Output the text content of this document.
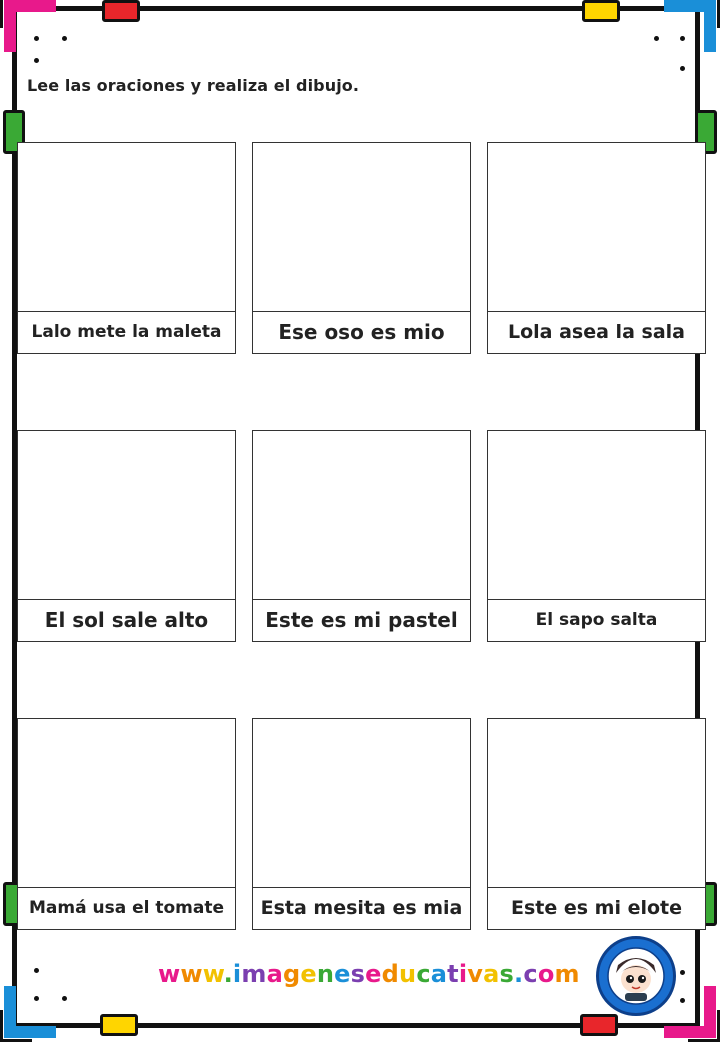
Lee las oraciones y realiza el dibujo.
Lalo mete la maleta	Ese oso es mio	Lola asea la sala
El sol sale alto	Este es mi pastel	El sapo salta
Mamá usa el tomate	Esta mesita es mia	Este es mi elote
www.imageneseducativas.com
